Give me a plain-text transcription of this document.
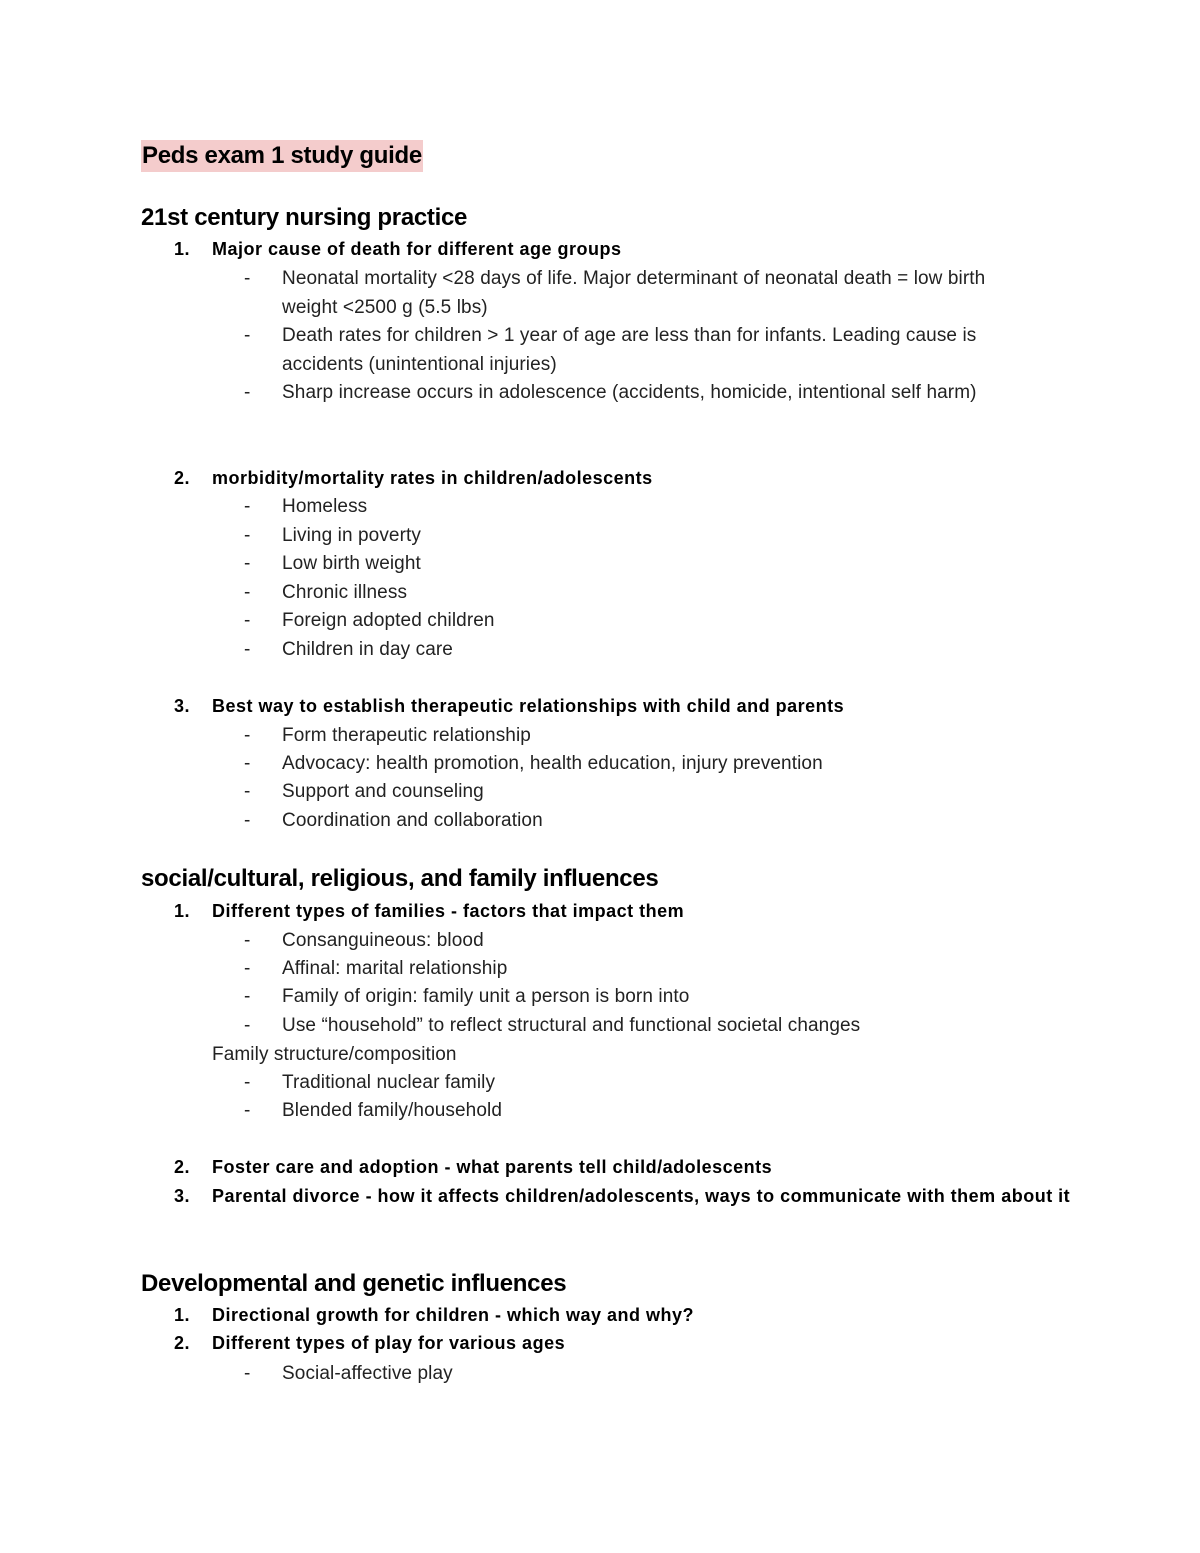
Peds exam 1 study guide
21st century nursing practice
1.	Major cause of death for different age groups
- Neonatal mortality <28 days of life. Major determinant of neonatal death = low birth weight <2500 g (5.5 lbs)
- Death rates for children > 1 year of age are less than for infants. Leading cause is accidents (unintentional injuries)
- Sharp increase occurs in adolescence (accidents, homicide, intentional self harm)
2.	morbidity/mortality rates in children/adolescents
- Homeless
- Living in poverty
- Low birth weight
- Chronic illness
- Foreign adopted children
- Children in day care
3.	Best way to establish therapeutic relationships with child and parents
- Form therapeutic relationship
- Advocacy: health promotion, health education, injury prevention
- Support and counseling
- Coordination and collaboration
social/cultural, religious, and family influences
1.	Different types of families - factors that impact them
- Consanguineous: blood
- Affinal: marital relationship
- Family of origin: family unit a person is born into
- Use “household” to reflect structural and functional societal changes
Family structure/composition
- Traditional nuclear family
- Blended family/household
2.	Foster care and adoption - what parents tell child/adolescents
3.	Parental divorce - how it affects children/adolescents, ways to communicate with them about it
Developmental and genetic influences
1.	Directional growth for children - which way and why?
2.	Different types of play for various ages
- Social-affective play
